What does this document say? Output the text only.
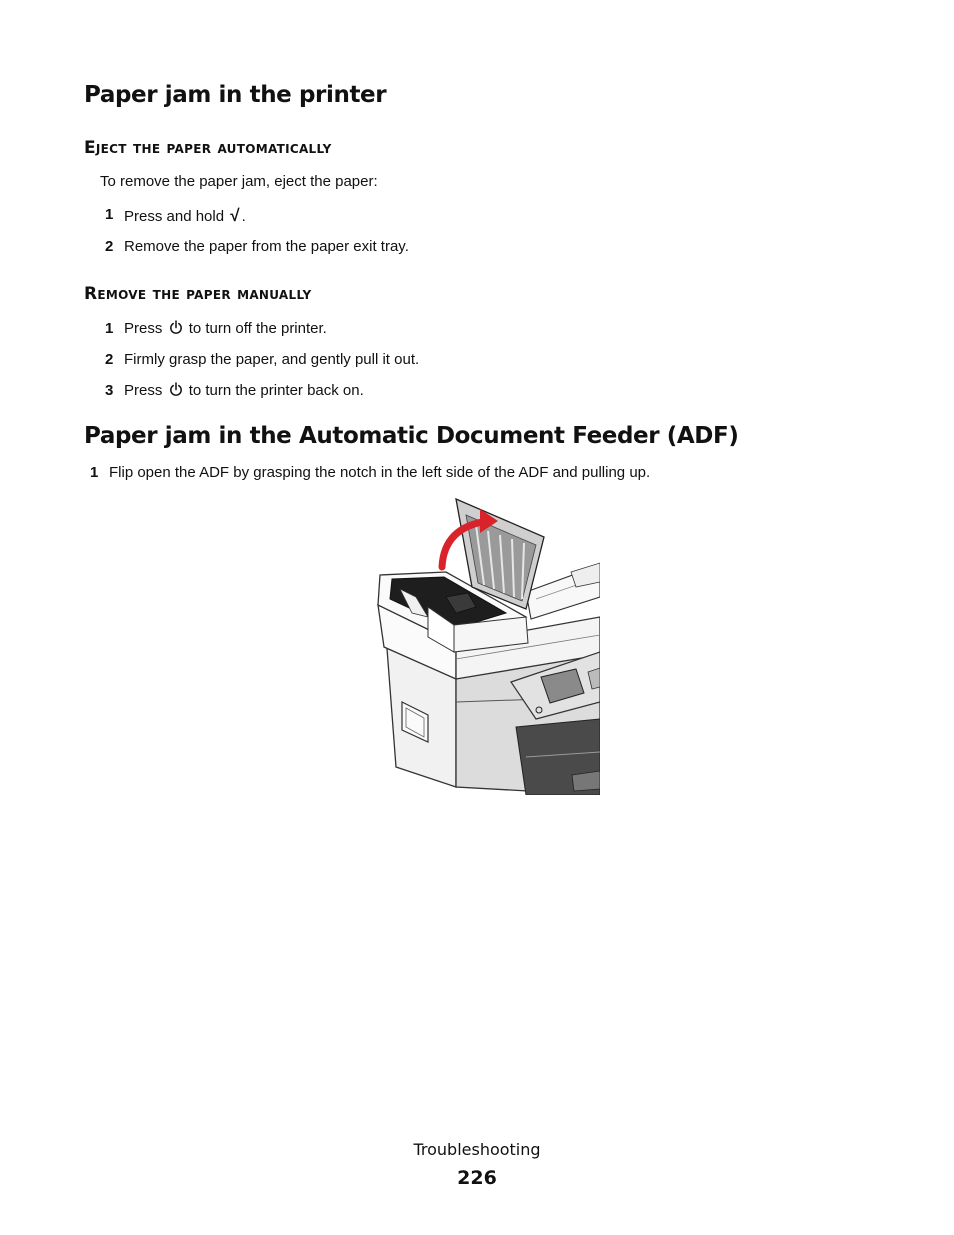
Paper jam in the printer
Eject the paper automatically

To remove the paper jam, eject the paper:

1 Press and hold √ .
2 Remove the paper from the paper exit tray.
Remove the paper manually
1 Press to turn off the printer.
2 Firmly grasp the paper, and gently pull it out.
3 Press to turn the printer back on.
Paper jam in the Automatic Document Feeder (ADF)
1 Flip open the ADF by grasping the notch in the left side of the ADF and pulling up.
Troubleshooting
226
